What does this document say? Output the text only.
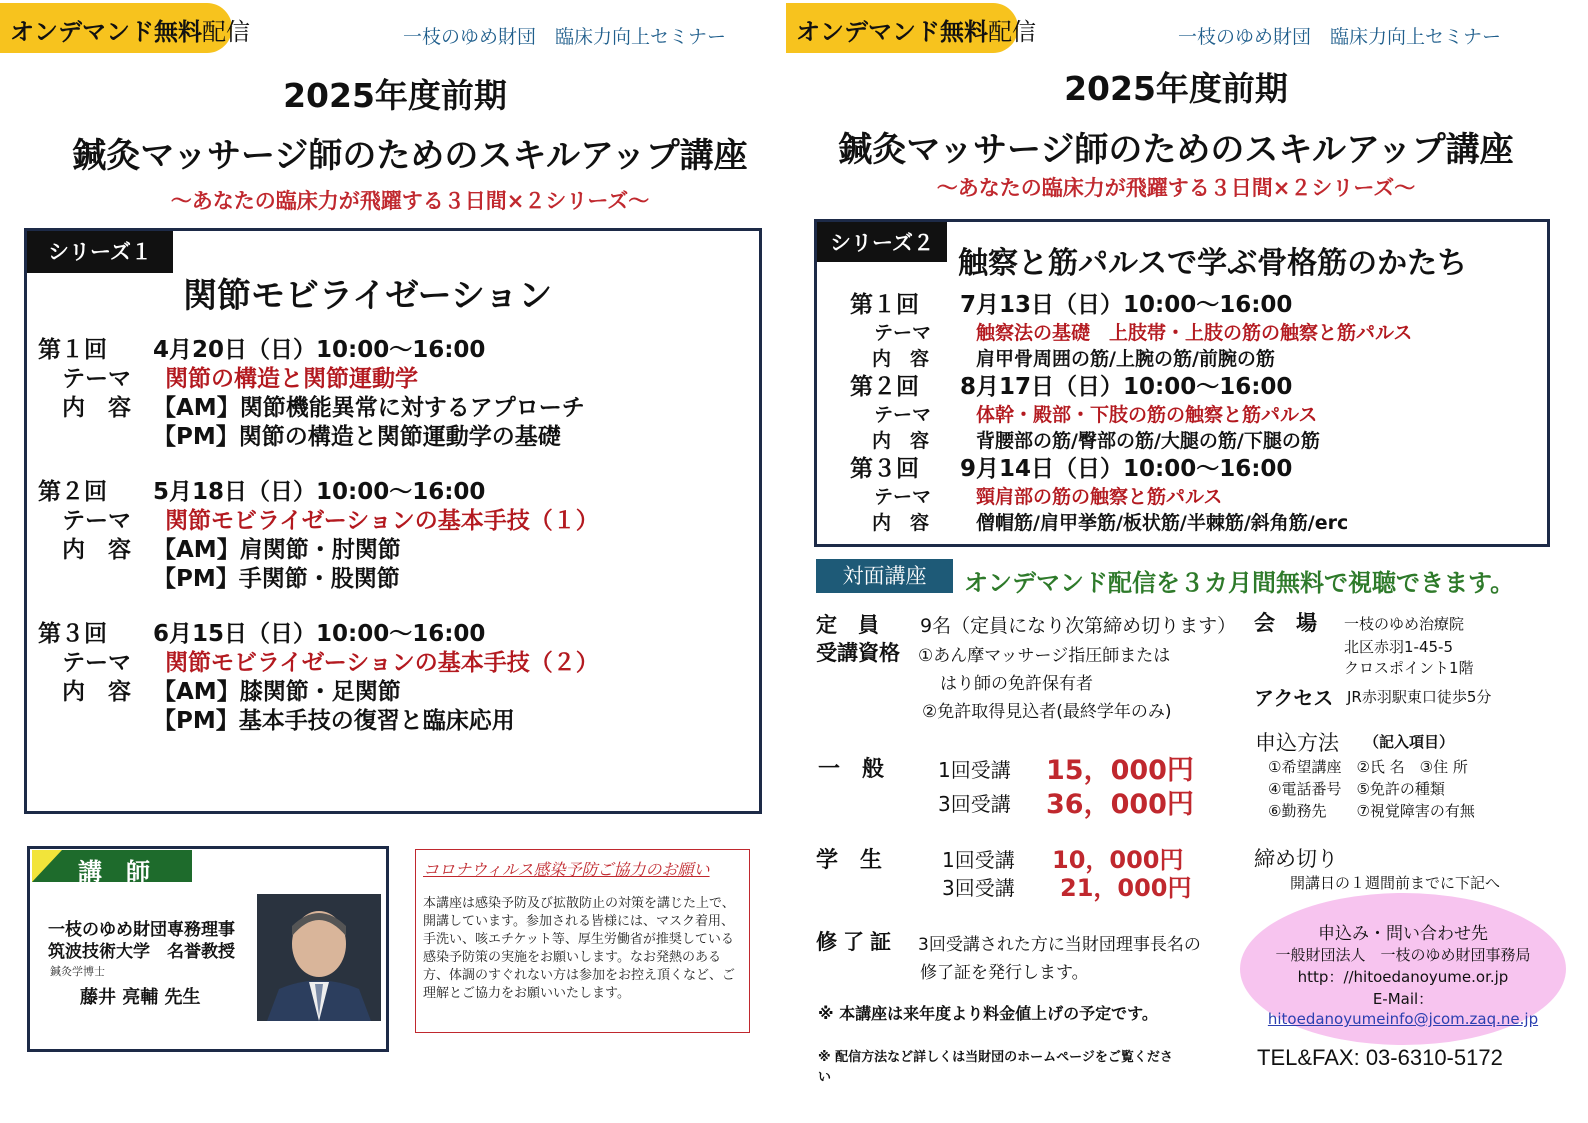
オンデマンド無料配信	一枝のゆめ財団　臨床力向上セミナー
2025年度前期
鍼灸マッサージ師のためのスキルアップ講座
～あなたの臨床力が飛躍する３日間×２シリーズ～
シリーズ１
関節モビライゼーション
第１回 4月20日（日）10:00～16:00
テーマ 関節の構造と関節運動学
内　容 【AM】関節機能異常に対するアプローチ
【PM】関節の構造と関節運動学の基礎
第２回 5月18日（日）10:00～16:00
テーマ 関節モビライゼーションの基本手技（１）
内　容 【AM】肩関節・肘関節
【PM】手関節・股関節
第３回 6月15日（日）10:00～16:00
テーマ 関節モビライゼーションの基本手技（２）
内　容 【AM】膝関節・足関節
【PM】基本手技の復習と臨床応用
講　師
一枝のゆめ財団専務理事
筑波技術大学　名誉教授
鍼灸学博士
藤井 亮輔 先生
コロナウィルス感染予防ご協力のお願い
本講座は感染予防及び拡散防止の対策を講じた上で、開講しています。参加される皆様には、マスク着用、手洗い、咳エチケット等、厚生労働省が推奨している感染予防策の実施をお願いします。なお発熱のある方、体調のすぐれない方は参加をお控え頂くなど、ご理解とご協力をお願いいたします。
オンデマンド無料配信	一枝のゆめ財団　臨床力向上セミナー
2025年度前期
鍼灸マッサージ師のためのスキルアップ講座
～あなたの臨床力が飛躍する３日間×２シリーズ～
シリーズ２
触察と筋パルスで学ぶ骨格筋のかたち
第１回 7月13日（日）10:00～16:00
テーマ 触察法の基礎　上肢帯・上肢の筋の触察と筋パルス
内　容 肩甲骨周囲の筋/上腕の筋/前腕の筋
第２回 8月17日（日）10:00～16:00
テーマ 体幹・殿部・下肢の筋の触察と筋パルス
内　容 背腰部の筋/臀部の筋/大腿の筋/下腿の筋
第３回 9月14日（日）10:00～16:00
テーマ 頸肩部の筋の触察と筋パルス
内　容 僧帽筋/肩甲挙筋/板状筋/半棘筋/斜角筋/erc
対面講座	オンデマンド配信を３カ月間無料で視聴できます。
定　員 9名（定員になり次第締め切ります）
受講資格 ①あん摩マッサージ指圧師または
はり師の免許保有者
②免許取得見込者(最終学年のみ)
一　般	1回受講 15，000円
3回受講 36，000円
学　生	1回受講 10，000円
3回受講 21，000円
修了証 3回受講された方に当財団理事長名の
修了証を発行します。
※ 本講座は来年度より料金値上げの予定です。
※ 配信方法など詳しくは当財団のホームページをご覧くださ
い
会　場 一枝のゆめ治療院
北区赤羽1-45-5
クロスポイント1階
アクセス JR赤羽駅東口徒歩5分
申込方法 （記入項目）
①希望講座　②氏 名　③住 所
④電話番号　⑤免許の種類
⑥勤務先　　⑦視覚障害の有無
締め切り
開講日の１週間前までに下記へ
申込み・問い合わせ先
一般財団法人　一枝のゆめ財団事務局
http：//hitoedanoyume.or.jp
E-Mail：
hitoedanoyumeinfo@jcom.zaq.ne.jp
TEL&FAX: 03-6310-5172
